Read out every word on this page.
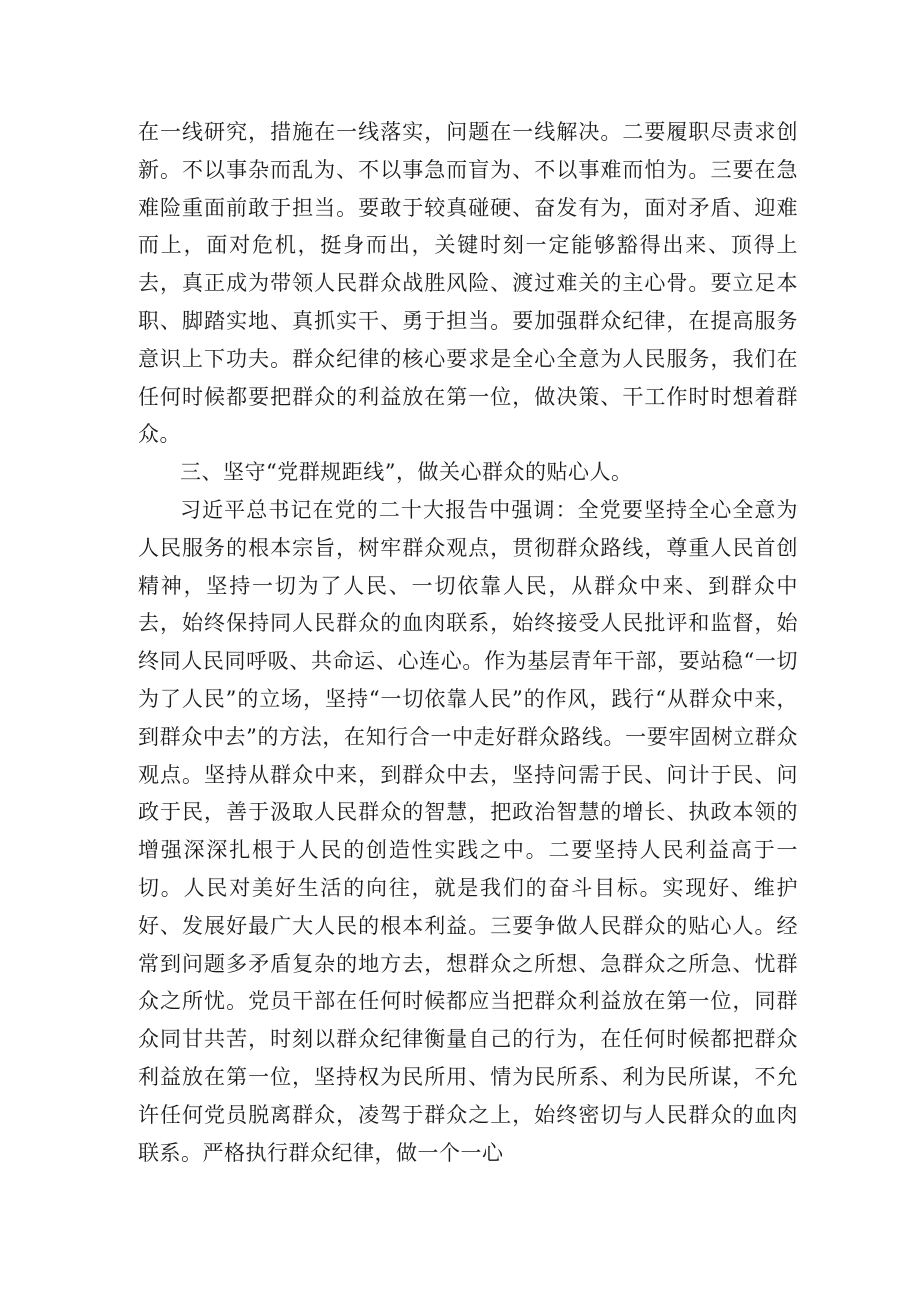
在一线研究，措施在一线落实，问题在一线解决。二要履职尽责求创新。不以事杂而乱为、不以事急而盲为、不以事难而怕为。三要在急难险重面前敢于担当。要敢于较真碰硬、奋发有为，面对矛盾、迎难而上，面对危机，挺身而出，关键时刻一定能够豁得出来、顶得上去，真正成为带领人民群众战胜风险、渡过难关的主心骨。要立足本职、脚踏实地、真抓实干、勇于担当。要加强群众纪律，在提高服务意识上下功夫。群众纪律的核心要求是全心全意为人民服务，我们在任何时候都要把群众的利益放在第一位，做决策、干工作时时想着群众。

三、坚守“党群规距线”，做关心群众的贴心人。

习近平总书记在党的二十大报告中强调：全党要坚持全心全意为人民服务的根本宗旨，树牢群众观点，贯彻群众路线，尊重人民首创精神，坚持一切为了人民、一切依靠人民，从群众中来、到群众中去，始终保持同人民群众的血肉联系，始终接受人民批评和监督，始终同人民同呼吸、共命运、心连心。作为基层青年干部，要站稳“一切为了人民”的立场，坚持“一切依靠人民”的作风，践行“从群众中来，到群众中去”的方法，在知行合一中走好群众路线。一要牢固树立群众观点。坚持从群众中来，到群众中去，坚持问需于民、问计于民、问政于民，善于汲取人民群众的智慧，把政治智慧的增长、执政本领的增强深深扎根于人民的创造性实践之中。二要坚持人民利益高于一切。人民对美好生活的向往，就是我们的奋斗目标。实现好、维护好、发展好最广大人民的根本利益。三要争做人民群众的贴心人。经常到问题多矛盾复杂的地方去，想群众之所想、急群众之所急、忧群众之所忧。党员干部在任何时候都应当把群众利益放在第一位，同群众同甘共苦，时刻以群众纪律衡量自己的行为，在任何时候都把群众利益放在第一位，坚持权为民所用、情为民所系、利为民所谋，不允许任何党员脱离群众，凌驾于群众之上，始终密切与人民群众的血肉联系。严格执行群众纪律，做一个一心
